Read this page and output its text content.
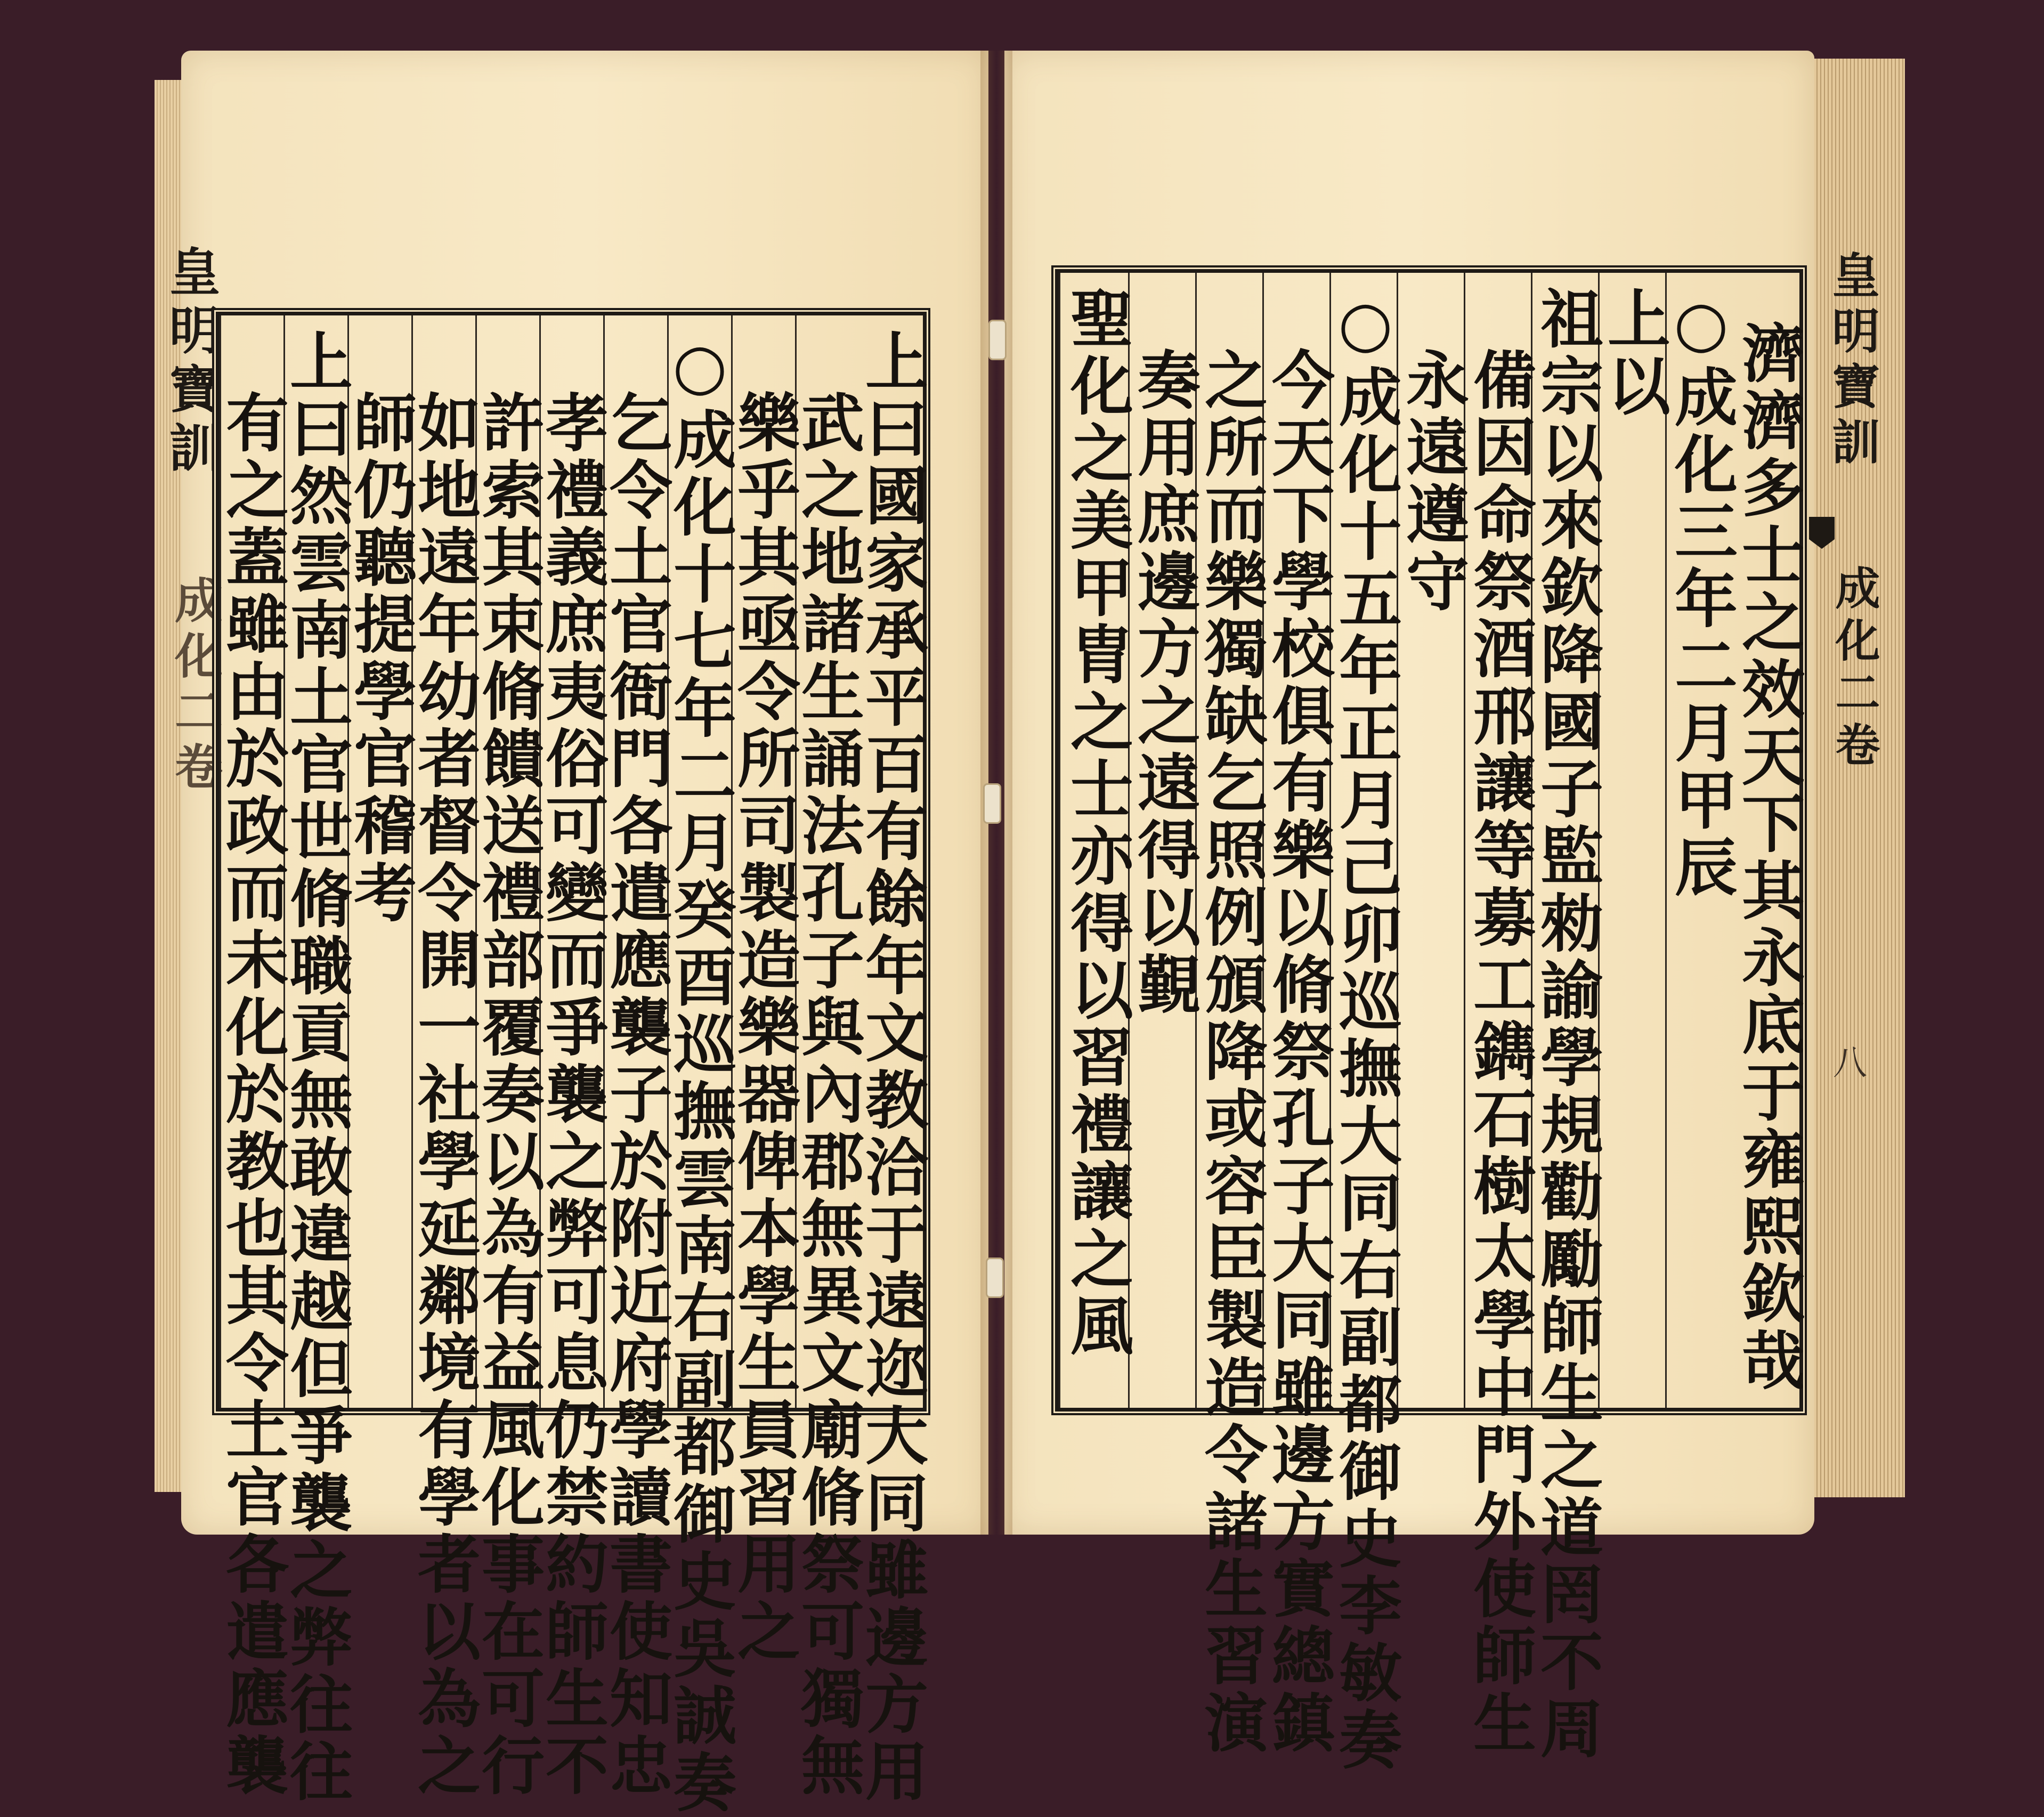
皇明寶訓
成化二卷	上曰國家承平百有餘年文教洽于遠迩大同雖邊方用
武之地諸生誦法孔子與內郡無異文廟脩祭可獨無
樂乎其亟令所司製造樂器俾本學生員習用之
○成化十七年二月癸酉巡撫雲南右副都御史吳誠奏
乞令土官衙門各遣應襲子於附近府學讀書使知忠
孝禮義庶夷俗可變而爭襲之弊可息仍禁約師生不
許索其束脩饋送禮部覆奏以為有益風化事在可行
如地遠年幼者督令開一社學延鄰境有學者以為之
師仍聽提學官稽考
上曰然雲南土官世脩職貢無敢違越但爭襲之弊往往
有之蓋雖由於政而未化於教也其令土官各遣應襲
皇明寶訓
成化二卷
八
濟濟多士之效天下其永底于雍熙欽哉
○成化三年二月甲辰
上以
祖宗以來欽降國子監勑諭學規勸勵師生之道罔不周
備因命祭酒邢讓等募工鐫石樹太學中門外使師生
永遠遵守
○成化十五年正月己卯巡撫大同右副都御史李敏奏
今天下學校俱有樂以脩祭孔子大同雖邊方實總鎮
之所而樂獨缺乞照例頒降或容臣製造令諸生習演
奏用庶邊方之遠得以覲
聖化之美甲胄之士亦得以習禮讓之風
